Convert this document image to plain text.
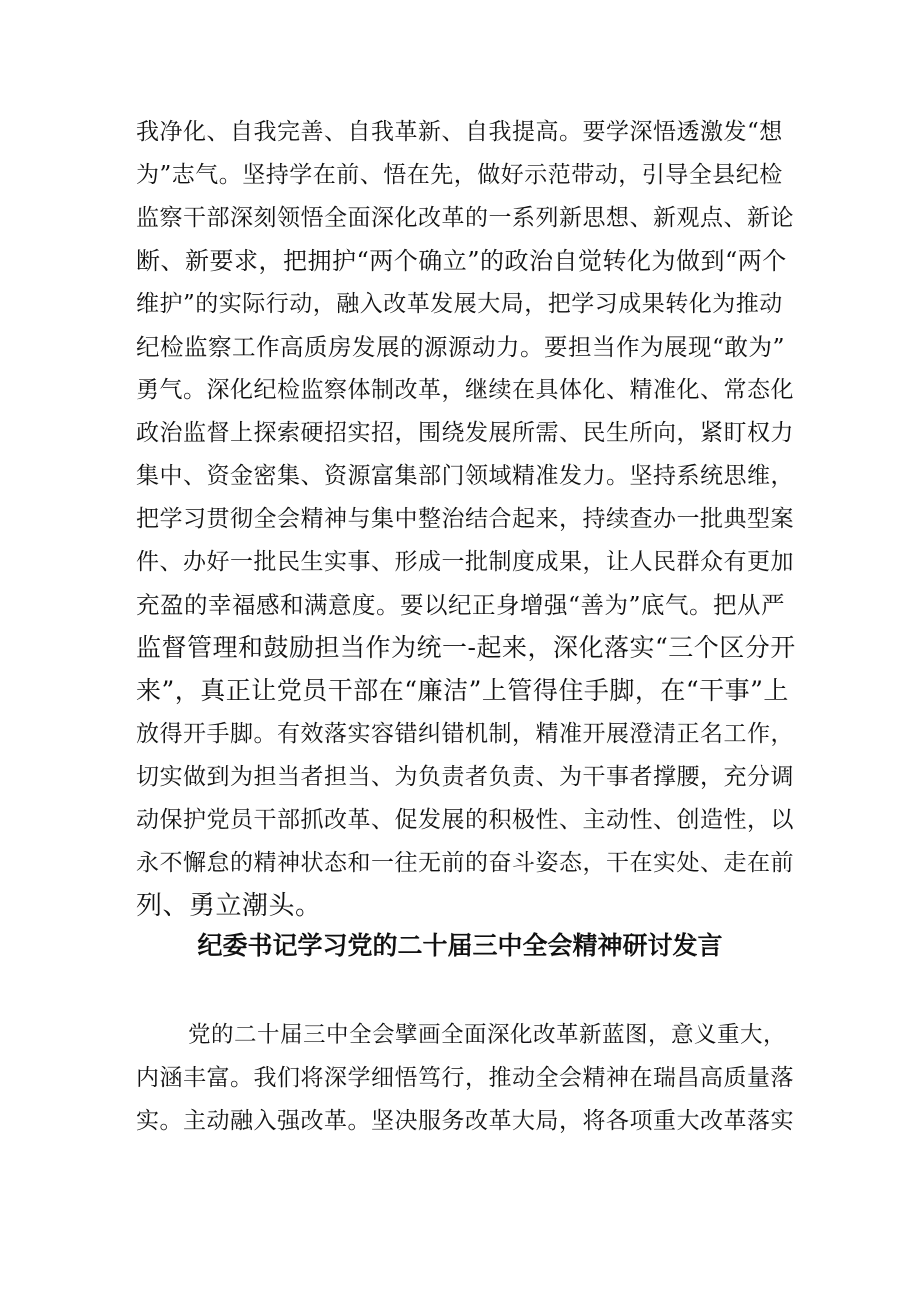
我净化、自我完善、自我革新、自我提高。要学深悟透激发“想
为”志气。坚持学在前、悟在先，做好示范带动，引导全县纪检
监察干部深刻领悟全面深化改革的一系列新思想、新观点、新论
断、新要求，把拥护“两个确立”的政治自觉转化为做到“两个
维护”的实际行动，融入改革发展大局，把学习成果转化为推动
纪检监察工作高质房发展的源源动力。要担当作为展现“敢为”
勇气。深化纪检监察体制改革，继续在具体化、精准化、常态化
政治监督上探索硬招实招，围绕发展所需、民生所向，紧盯权力
集中、资金密集、资源富集部门领域精准发力。坚持系统思维，
把学习贯彻全会精神与集中整治结合起来，持续查办一批典型案
件、办好一批民生实事、形成一批制度成果，让人民群众有更加
充盈的幸福感和满意度。要以纪正身增强“善为”底气。把从严
监督管理和鼓励担当作为统一-起来，深化落实“三个区分开
来”，真正让党员干部在“廉洁”上管得住手脚，在“干事”上
放得开手脚。有效落实容错纠错机制，精准开展澄清正名工作，
切实做到为担当者担当、为负责者负责、为干事者撑腰，充分调
动保护党员干部抓改革、促发展的积极性、主动性、创造性，以
永不懈怠的精神状态和一往无前的奋斗姿态，干在实处、走在前
列、勇立潮头。
纪委书记学习党的二十届三中全会精神研讨发言
党的二十届三中全会擘画全面深化改革新蓝图，意义重大，
内涵丰富。我们将深学细悟笃行，推动全会精神在瑞昌高质量落
实。主动融入强改革。坚决服务改革大局，将各项重大改革落实
